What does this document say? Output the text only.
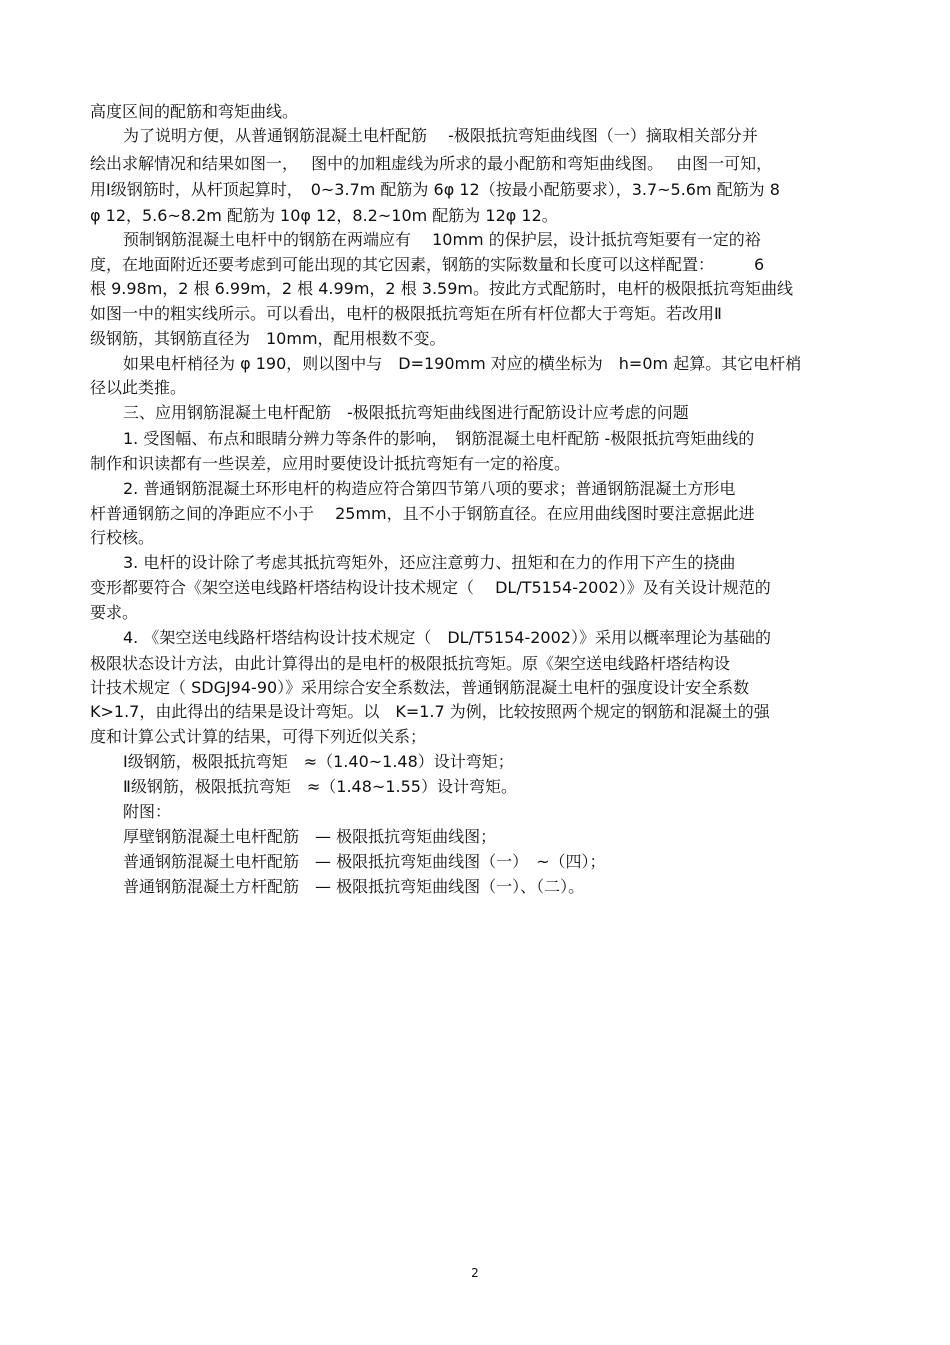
高度区间的配筋和弯矩曲线。
为了说明方便，从普通钢筋混凝土电杆配筋　 -极限抵抗弯矩曲线图（一）摘取相关部分并
绘出求解情况和结果如图一，　 图中的加粗虚线为所求的最小配筋和弯矩曲线图。　 由图一可知，
用Ⅰ级钢筋时，从杆顶起算时，　0~3.7m 配筋为 6φ 12（按最小配筋要求），3.7~5.6m 配筋为 8
φ 12，5.6~8.2m 配筋为 10φ 12，8.2~10m 配筋为 12φ 12。
预制钢筋混凝土电杆中的钢筋在两端应有　 10mm 的保护层，设计抵抗弯矩要有一定的裕
度，在地面附近还要考虑到可能出现的其它因素，钢筋的实际数量和长度可以这样配置：　　　6
根 9.98m，2 根 6.99m，2 根 4.99m，2 根 3.59m。按此方式配筋时，电杆的极限抵抗弯矩曲线
如图一中的粗实线所示。可以看出，电杆的极限抵抗弯矩在所有杆位都大于弯矩。若改用Ⅱ
级钢筋，其钢筋直径为　10mm，配用根数不变。
如果电杆梢径为 φ 190，则以图中与　D=190mm 对应的横坐标为　h=0m 起算。其它电杆梢
径以此类推。
三、应用钢筋混凝土电杆配筋　-极限抵抗弯矩曲线图进行配筋设计应考虑的问题
1. 受图幅、布点和眼睛分辨力等条件的影响，　钢筋混凝土电杆配筋 -极限抵抗弯矩曲线的
制作和识读都有一些误差，应用时要使设计抵抗弯矩有一定的裕度。
2. 普通钢筋混凝土环形电杆的构造应符合第四节第八项的要求；普通钢筋混凝土方形电
杆普通钢筋之间的净距应不小于　 25mm，且不小于钢筋直径。在应用曲线图时要注意据此进
行校核。
3. 电杆的设计除了考虑其抵抗弯矩外，还应注意剪力、扭矩和在力的作用下产生的挠曲
变形都要符合《架空送电线路杆塔结构设计技术规定（　 DL/T5154-2002）》及有关设计规范的
要求。
4. 《架空送电线路杆塔结构设计技术规定（　DL/T5154-2002）》采用以概率理论为基础的
极限状态设计方法，由此计算得出的是电杆的极限抵抗弯矩。原《架空送电线路杆塔结构设
计技术规定（ SDGJ94-90）》采用综合安全系数法，普通钢筋混凝土电杆的强度设计安全系数
K>1.7，由此得出的结果是设计弯矩。以　K=1.7 为例，比较按照两个规定的钢筋和混凝土的强
度和计算公式计算的结果，可得下列近似关系；
Ⅰ级钢筋，极限抵抗弯矩　≈（1.40~1.48）设计弯矩；
Ⅱ级钢筋，极限抵抗弯矩　≈（1.48~1.55）设计弯矩。
附图：
厚壁钢筋混凝土电杆配筋　— 极限抵抗弯矩曲线图；
普通钢筋混凝土电杆配筋　— 极限抵抗弯矩曲线图（一）　~（四）；
普通钢筋混凝土方杆配筋　— 极限抵抗弯矩曲线图（一）、（二）。
2
